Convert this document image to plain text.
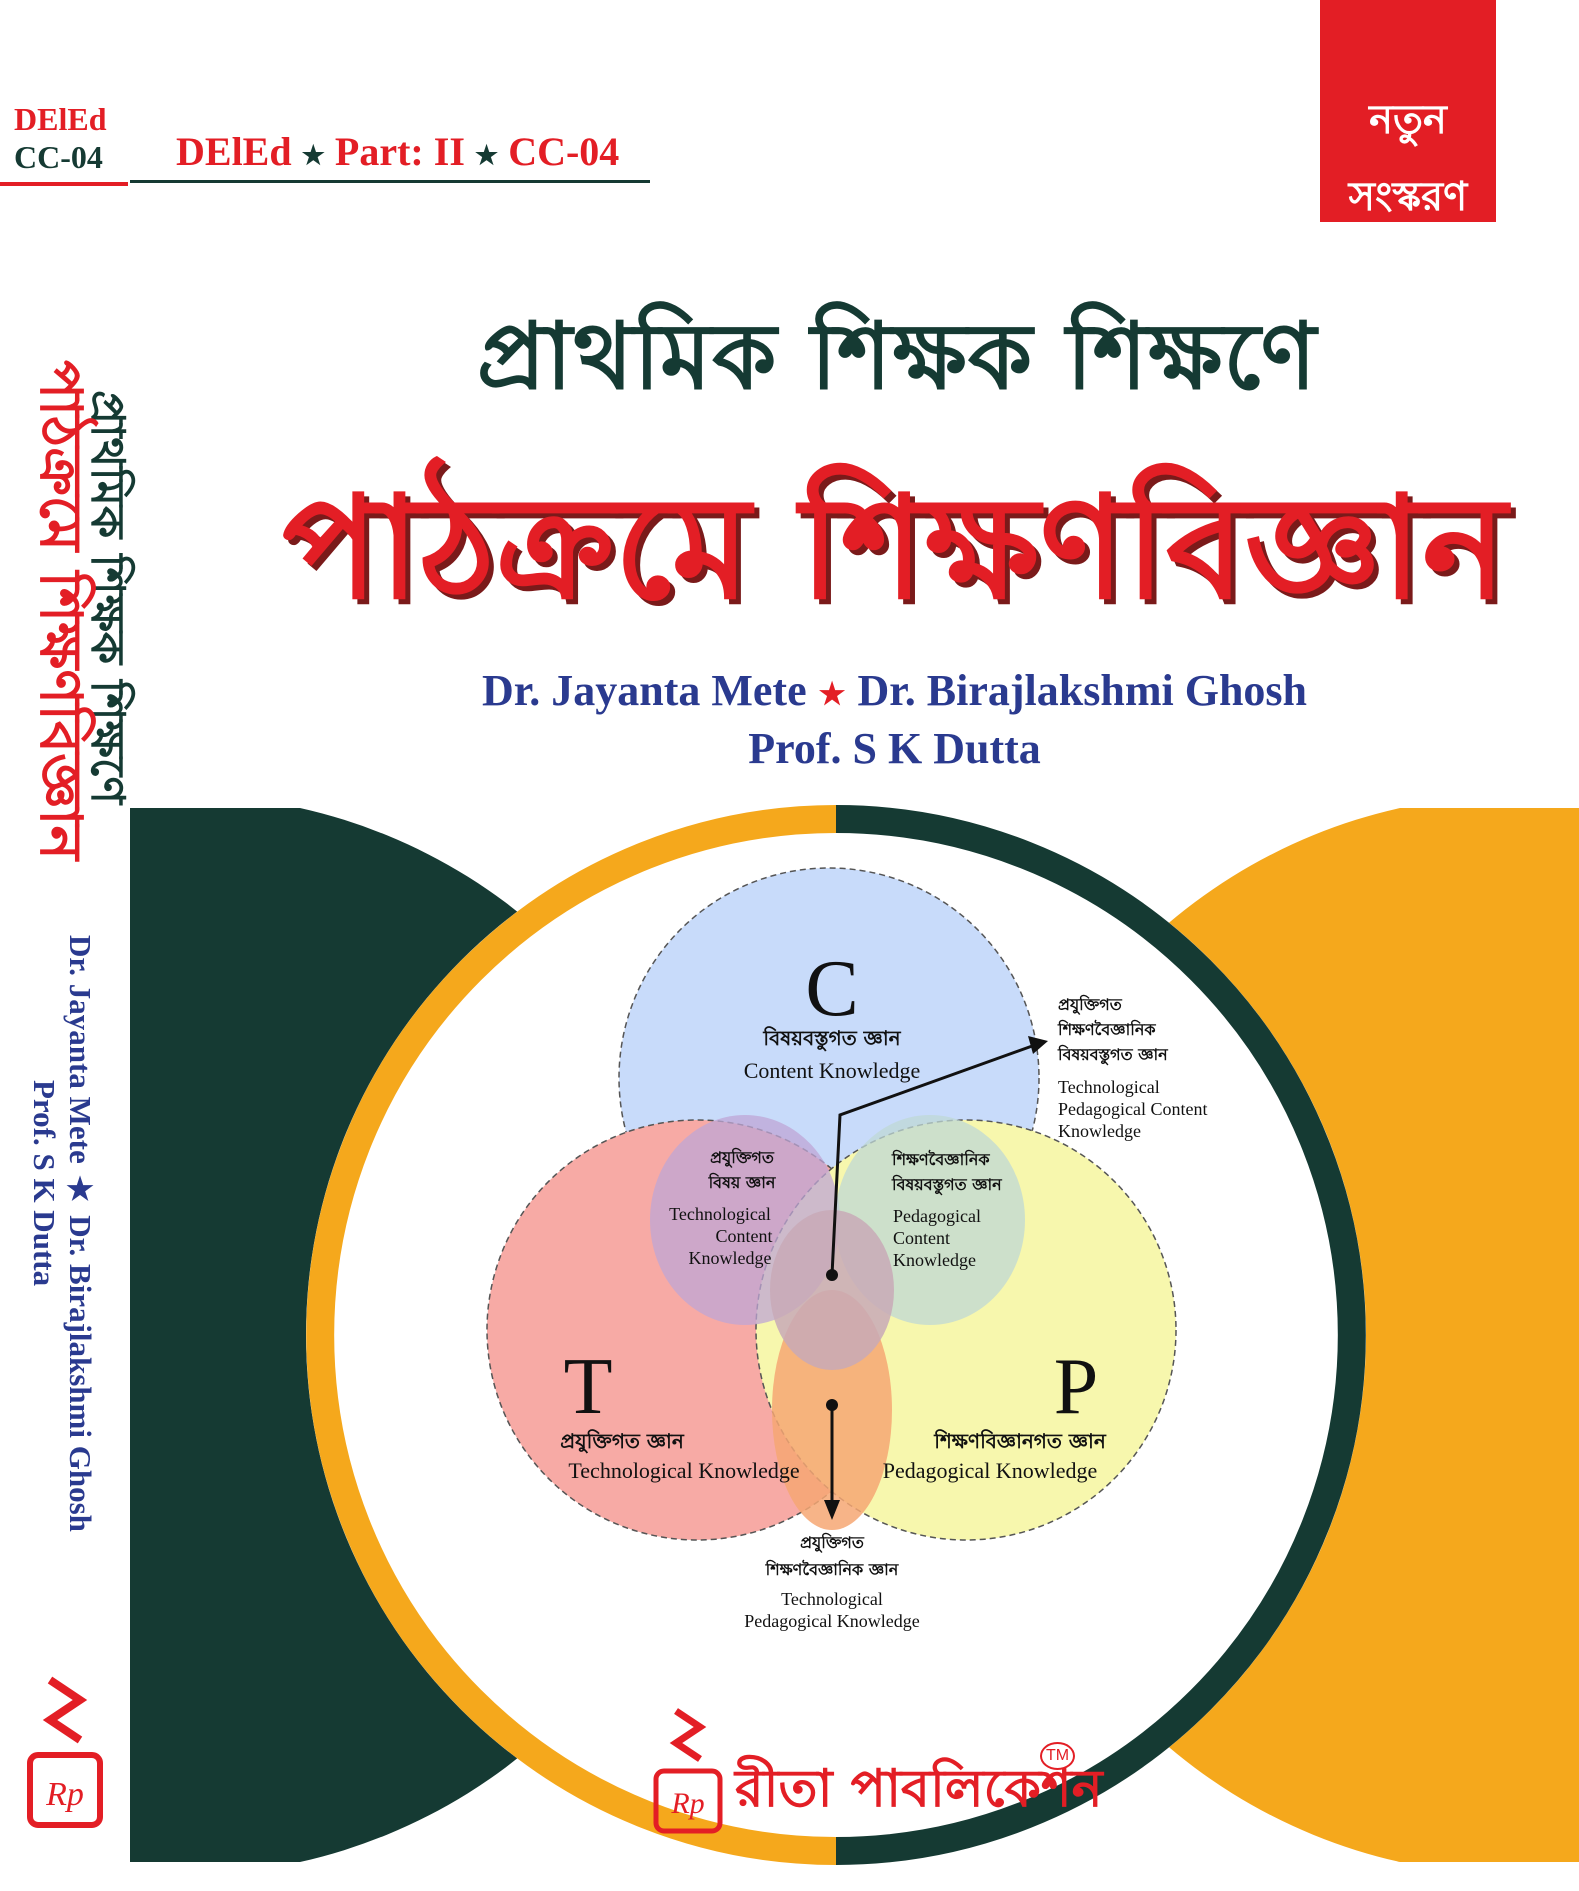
C
বিষয়বস্তুগত জ্ঞান
Content Knowledge
T
প্রযুক্তিগত জ্ঞান
Technological Knowledge
P
শিক্ষণবিজ্ঞানগত জ্ঞান
Pedagogical Knowledge
প্রযুক্তিগত
বিষয় জ্ঞান
Technological
Content
Knowledge
শিক্ষণবৈজ্ঞানিক
বিষয়বস্তুগত জ্ঞান
Pedagogical
Content
Knowledge
প্রযুক্তিগত
শিক্ষণবৈজ্ঞানিক
বিষয়বস্তুগত জ্ঞান
Technological
Pedagogical Content
Knowledge
প্রযুক্তিগত
শিক্ষণবৈজ্ঞানিক জ্ঞান
Technological
Pedagogical Knowledge
DElEd
CC-04
প্রাথমিক শিক্ষক শিক্ষণে
পাঠক্রমে শিক্ষণবিজ্ঞান
Dr. Jayanta Mete ★ Dr. Birajlakshmi Ghosh
Prof. S K Dutta
Rp
DElEd ★ Part: II ★ CC-04
নতুন
সংস্করণ
প্রাথমিক শিক্ষক শিক্ষণে
পাঠক্রমে শিক্ষণবিজ্ঞান
Dr. Jayanta Mete ★ Dr. Birajlakshmi Ghosh
Prof. S K Dutta
Rp রীতা পাবলিকেশন
TM
